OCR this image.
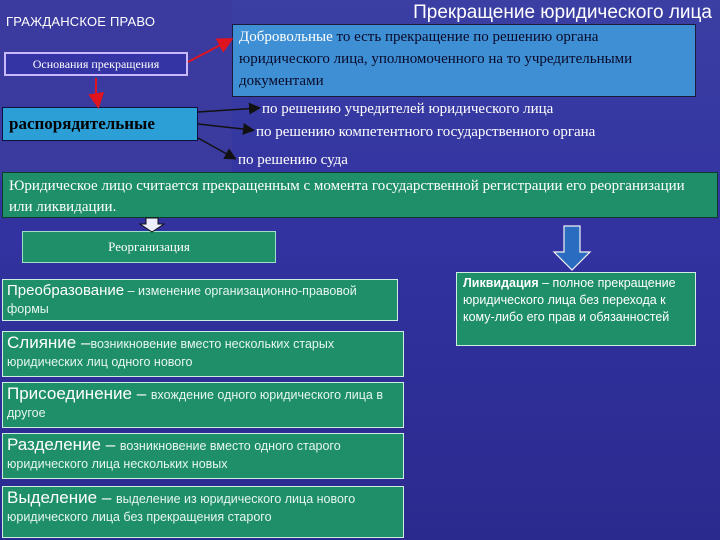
ГРАЖДАНСКОЕ ПРАВО	Прекращение юридического лица
Основания прекращения
Добровольные то есть прекращение по решению органа юридического лица, уполномоченного на то учредительными документами
распорядительные
по решению учредителей юридического лица
по решению компетентного государственного органа
по решению суда
Юридическое лицо считается прекращенным с момента государственной регистрации его реорганизации или ликвидации.
Реорганизация
Преобразование – изменение организационно-правовой формы
Слияние –возникновение вместо нескольких старых юридических лиц одного нового
Присоединение – вхождение одного юридического лица в другое
Разделение – возникновение вместо одного старого юридического лица нескольких новых
Выделение – выделение из юридического лица нового юридического лица без прекращения старого
Ликвидация – полное прекращение юридического лица без перехода к кому-либо его прав и обязанностей
